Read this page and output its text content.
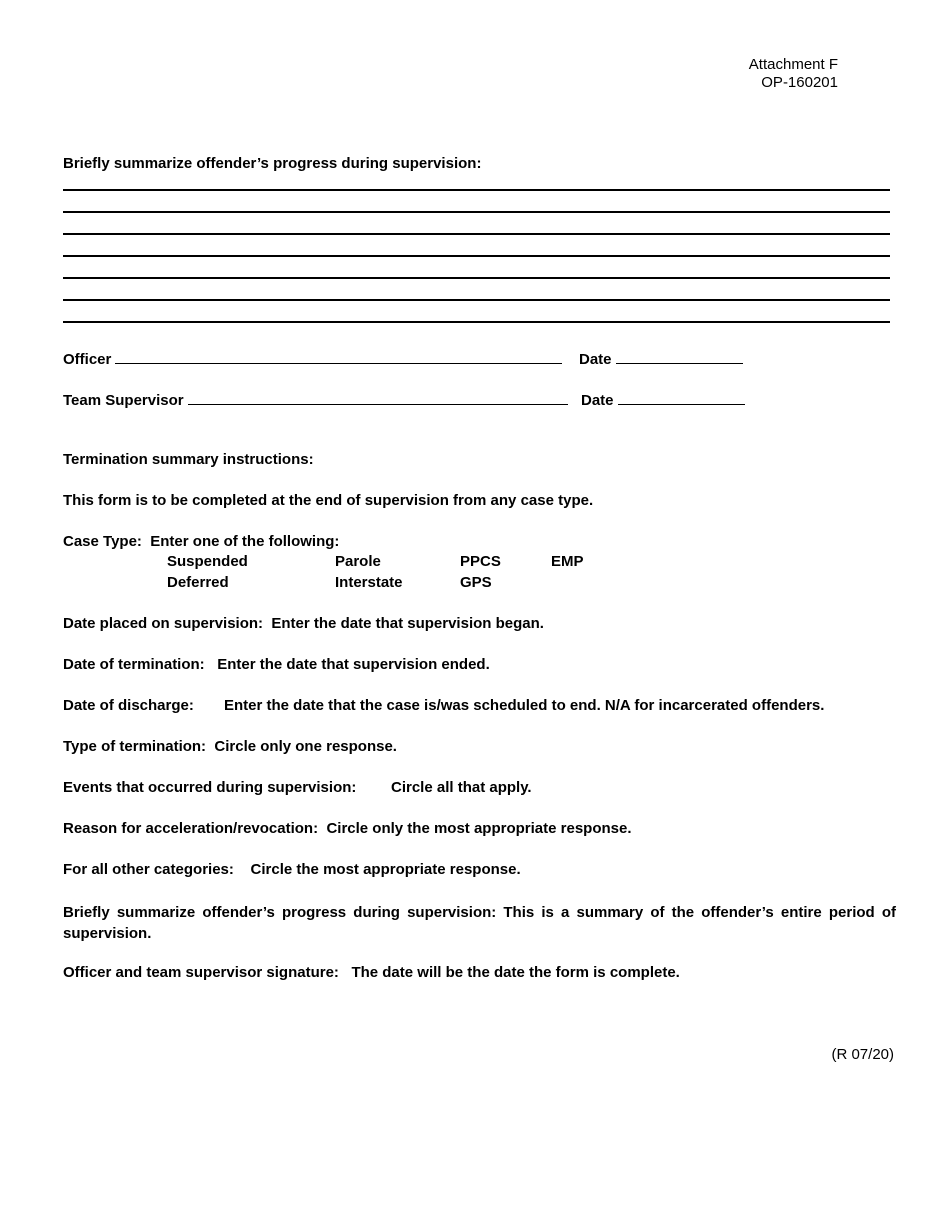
Attachment F
OP-160201
Briefly summarize offender’s progress during supervision:
Officer	Date
Team Supervisor	Date
Termination summary instructions:
This form is to be completed at the end of supervision from any case type.
Case Type: Enter one of the following:
Suspended	Parole	PPCS	EMP
Deferred	Interstate	GPS
Date placed on supervision: Enter the date that supervision began.
Date of termination: Enter the date that supervision ended.
Date of discharge: Enter the date that the case is/was scheduled to end. N/A for incarcerated offenders.
Type of termination: Circle only one response.
Events that occurred during supervision: Circle all that apply.
Reason for acceleration/revocation: Circle only the most appropriate response.
For all other categories: Circle the most appropriate response.
Briefly summarize offender’s progress during supervision: This is a summary of the offender’s entire period of supervision.
Officer and team supervisor signature: The date will be the date the form is complete.
(R 07/20)
